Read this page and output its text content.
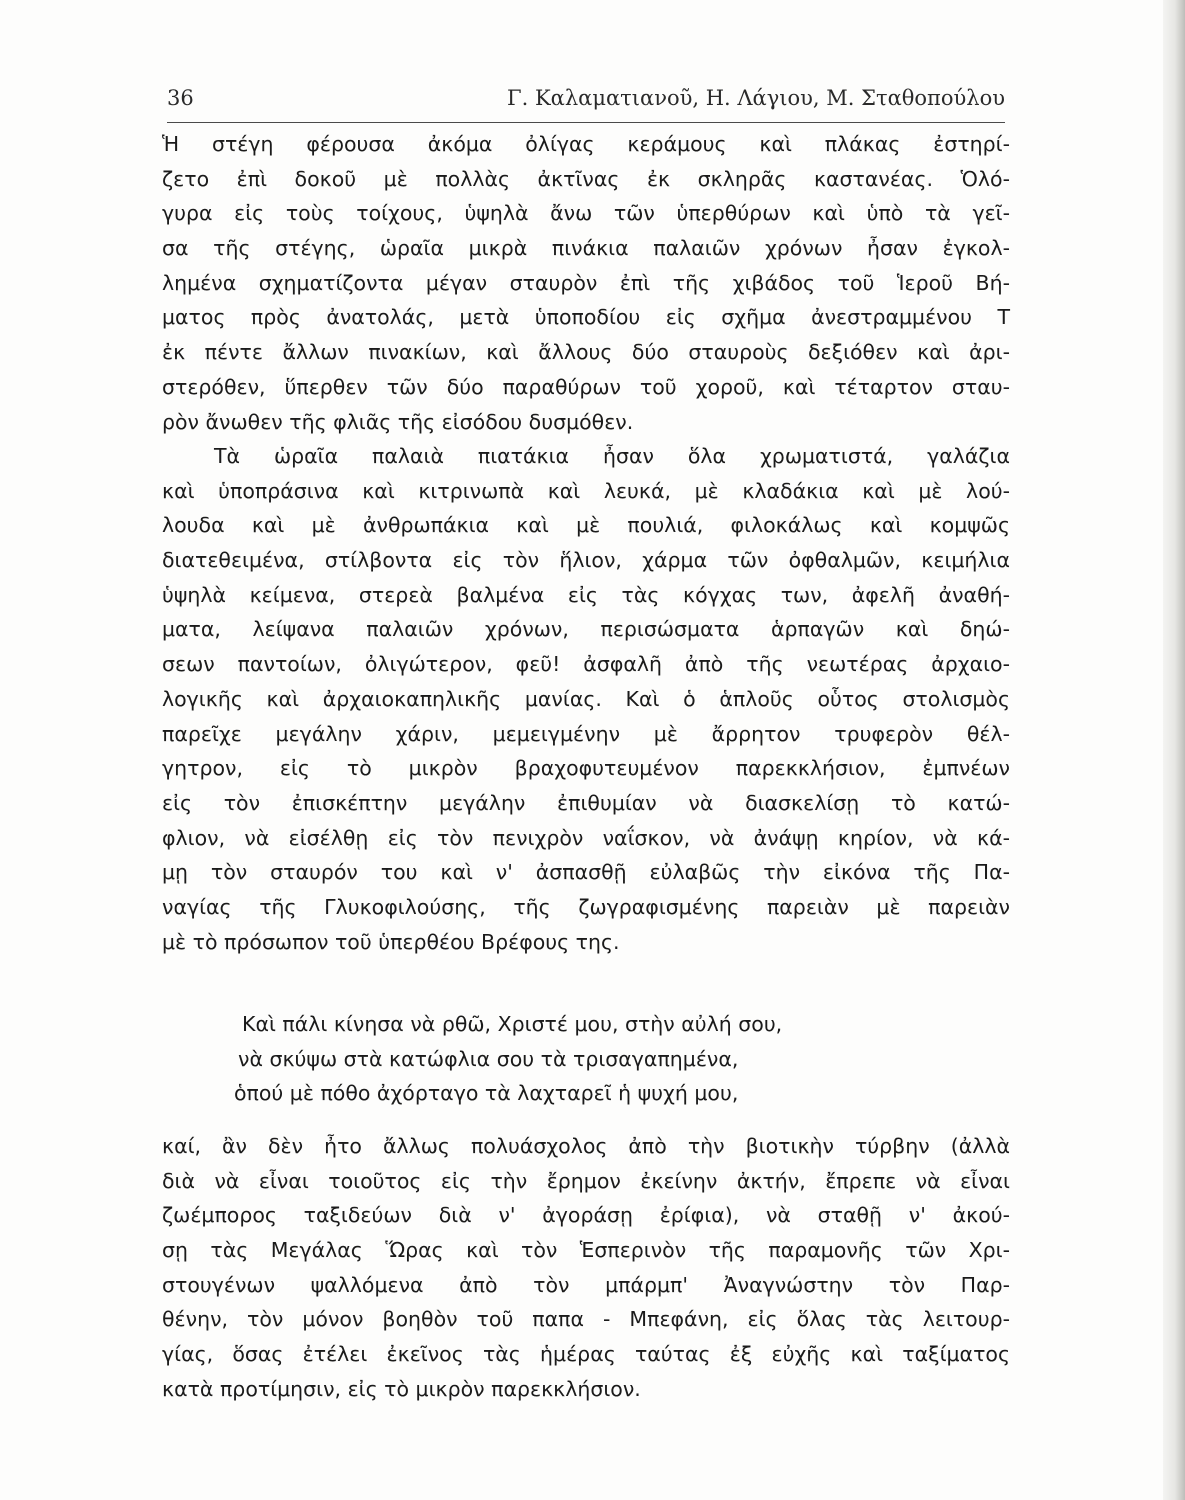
36	Γ. Καλαματιανοῦ, Η. Λάγιου, Μ. Σταθοπούλου
Ἡ στέγη φέρουσα ἀκόμα ὀλίγας κεράμους καὶ πλάκας ἐστηρί-
ζετο ἐπὶ δοκοῦ μὲ πολλὰς ἀκτῖνας ἐκ σκληρᾶς καστανέας. Ὁλό-
γυρα εἰς τοὺς τοίχους, ὑψηλὰ ἄνω τῶν ὑπερθύρων καὶ ὑπὸ τὰ γεῖ-
σα τῆς στέγης, ὡραῖα μικρὰ πινάκια παλαιῶν χρόνων ἦσαν ἐγκολ-
λημένα σχηματίζοντα μέγαν σταυρὸν ἐπὶ τῆς χιβάδος τοῦ Ἱεροῦ Βή-
ματος πρὸς ἀνατολάς, μετὰ ὑποποδίου εἰς σχῆμα ἀνεστραμμένου Τ
ἐκ πέντε ἄλλων πινακίων, καὶ ἄλλους δύο σταυροὺς δεξιόθεν καὶ ἀρι-
στερόθεν, ὕπερθεν τῶν δύο παραθύρων τοῦ χοροῦ, καὶ τέταρτον σταυ-
ρὸν ἄνωθεν τῆς φλιᾶς τῆς εἰσόδου δυσμόθεν.
Τὰ ὡραῖα παλαιὰ πιατάκια ἦσαν ὅλα χρωματιστά, γαλάζια
καὶ ὑποπράσινα καὶ κιτρινωπὰ καὶ λευκά, μὲ κλαδάκια καὶ μὲ λού-
λουδα καὶ μὲ ἀνθρωπάκια καὶ μὲ πουλιά, φιλοκάλως καὶ κομψῶς
διατεθειμένα, στίλβοντα εἰς τὸν ἥλιον, χάρμα τῶν ὀφθαλμῶν, κειμήλια
ὑψηλὰ κείμενα, στερεὰ βαλμένα εἰς τὰς κόγχας των, ἀφελῆ ἀναθή-
ματα, λείψανα παλαιῶν χρόνων, περισώσματα ἁρπαγῶν καὶ δηώ-
σεων παντοίων, ὀλιγώτερον, φεῦ! ἀσφαλῆ ἀπὸ τῆς νεωτέρας ἀρχαιο-
λογικῆς καὶ ἀρχαιοκαπηλικῆς μανίας. Καὶ ὁ ἁπλοῦς οὗτος στολισμὸς
παρεῖχε μεγάλην χάριν, μεμειγμένην μὲ ἄρρητον τρυφερὸν θέλ-
γητρον, εἰς τὸ μικρὸν βραχοφυτευμένον παρεκκλήσιον, ἐμπνέων
εἰς τὸν ἐπισκέπτην μεγάλην ἐπιθυμίαν νὰ διασκελίσῃ τὸ κατώ-
φλιον, νὰ εἰσέλθῃ εἰς τὸν πενιχρὸν ναΐσκον, νὰ ἀνάψῃ κηρίον, νὰ κά-
μῃ τὸν σταυρόν του καὶ ν' ἀσπασθῇ εὐλαβῶς τὴν εἰκόνα τῆς Πα-
ναγίας τῆς Γλυκοφιλούσης, τῆς ζωγραφισμένης παρειὰν μὲ παρειὰν
μὲ τὸ πρόσωπον τοῦ ὑπερθέου Βρέφους της.
Καὶ πάλι κίνησα νὰ ρθῶ, Χριστέ μου, στὴν αὐλή σου,
νὰ σκύψω στὰ κατώφλια σου τὰ τρισαγαπημένα,
ὁπού μὲ πόθο ἀχόρταγο τὰ λαχταρεῖ ἡ ψυχή μου,
καί, ἂν δὲν ἦτο ἄλλως πολυάσχολος ἀπὸ τὴν βιοτικὴν τύρβην (ἀλλὰ
διὰ νὰ εἶναι τοιοῦτος εἰς τὴν ἔρημον ἐκείνην ἀκτήν, ἔπρεπε νὰ εἶναι
ζωέμπορος ταξιδεύων διὰ ν' ἀγοράσῃ ἐρίφια), νὰ σταθῇ ν' ἀκού-
σῃ τὰς Μεγάλας Ὥρας καὶ τὸν Ἑσπερινὸν τῆς παραμονῆς τῶν Χρι-
στουγένων ψαλλόμενα ἀπὸ τὸν μπάρμπ' Ἀναγνώστην τὸν Παρ-
θένην, τὸν μόνον βοηθὸν τοῦ παπα - Μπεφάνη, εἰς ὅλας τὰς λειτουρ-
γίας, ὅσας ἐτέλει ἐκεῖνος τὰς ἡμέρας ταύτας ἐξ εὐχῆς καὶ ταξίματος
κατὰ προτίμησιν, εἰς τὸ μικρὸν παρεκκλήσιον.
